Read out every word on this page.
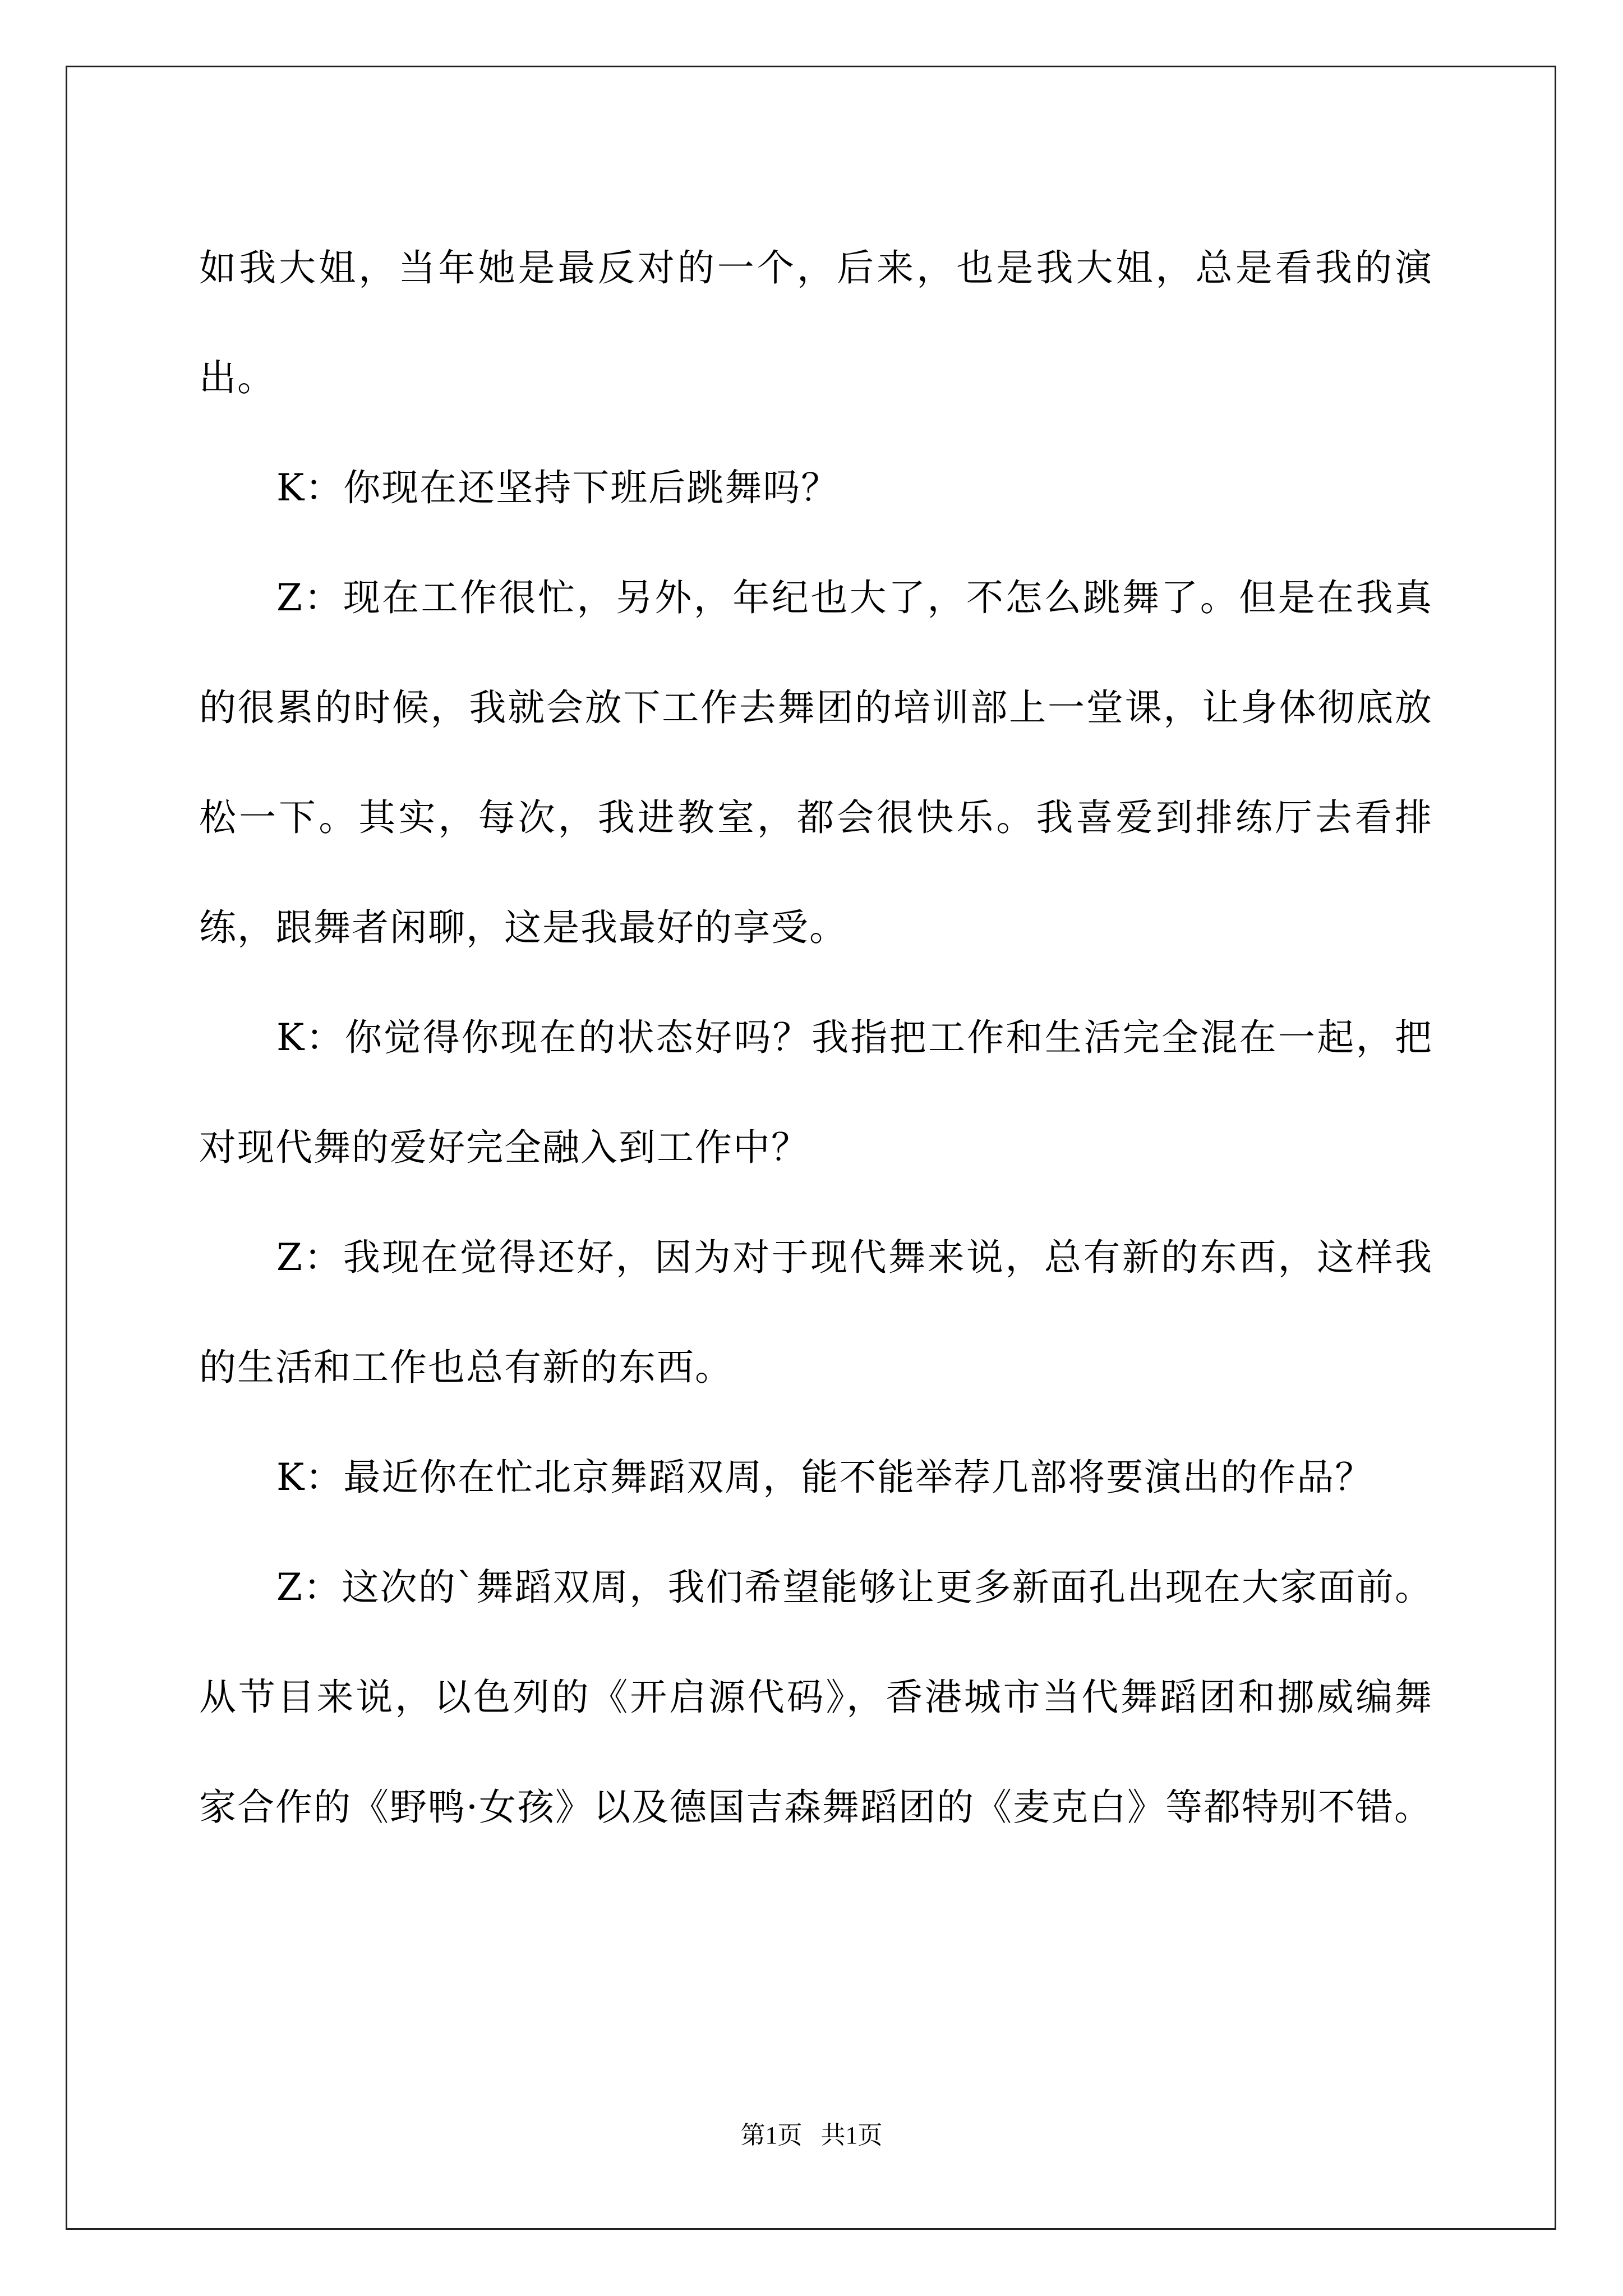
如我大姐，当年她是最反对的一个，后来，也是我大姐，总是看我的演出。

K：你现在还坚持下班后跳舞吗？

Z：现在工作很忙，另外，年纪也大了，不怎么跳舞了。但是在我真的很累的时候，我就会放下工作去舞团的培训部上一堂课，让身体彻底放松一下。其实，每次，我进教室，都会很快乐。我喜爱到排练厅去看排练，跟舞者闲聊，这是我最好的享受。

K：你觉得你现在的状态好吗？我指把工作和生活完全混在一起，把对现代舞的爱好完全融入到工作中？

Z：我现在觉得还好，因为对于现代舞来说，总有新的东西，这样我的生活和工作也总有新的东西。

K：最近你在忙北京舞蹈双周，能不能举荐几部将要演出的作品？

Z：这次的`舞蹈双周，我们希望能够让更多新面孔出现在大家面前。从节目来说，以色列的《开启源代码》，香港城市当代舞蹈团和挪威编舞家合作的《野鸭·女孩》以及德国吉森舞蹈团的《麦克白》等都特别不错。

第1页   共1页
